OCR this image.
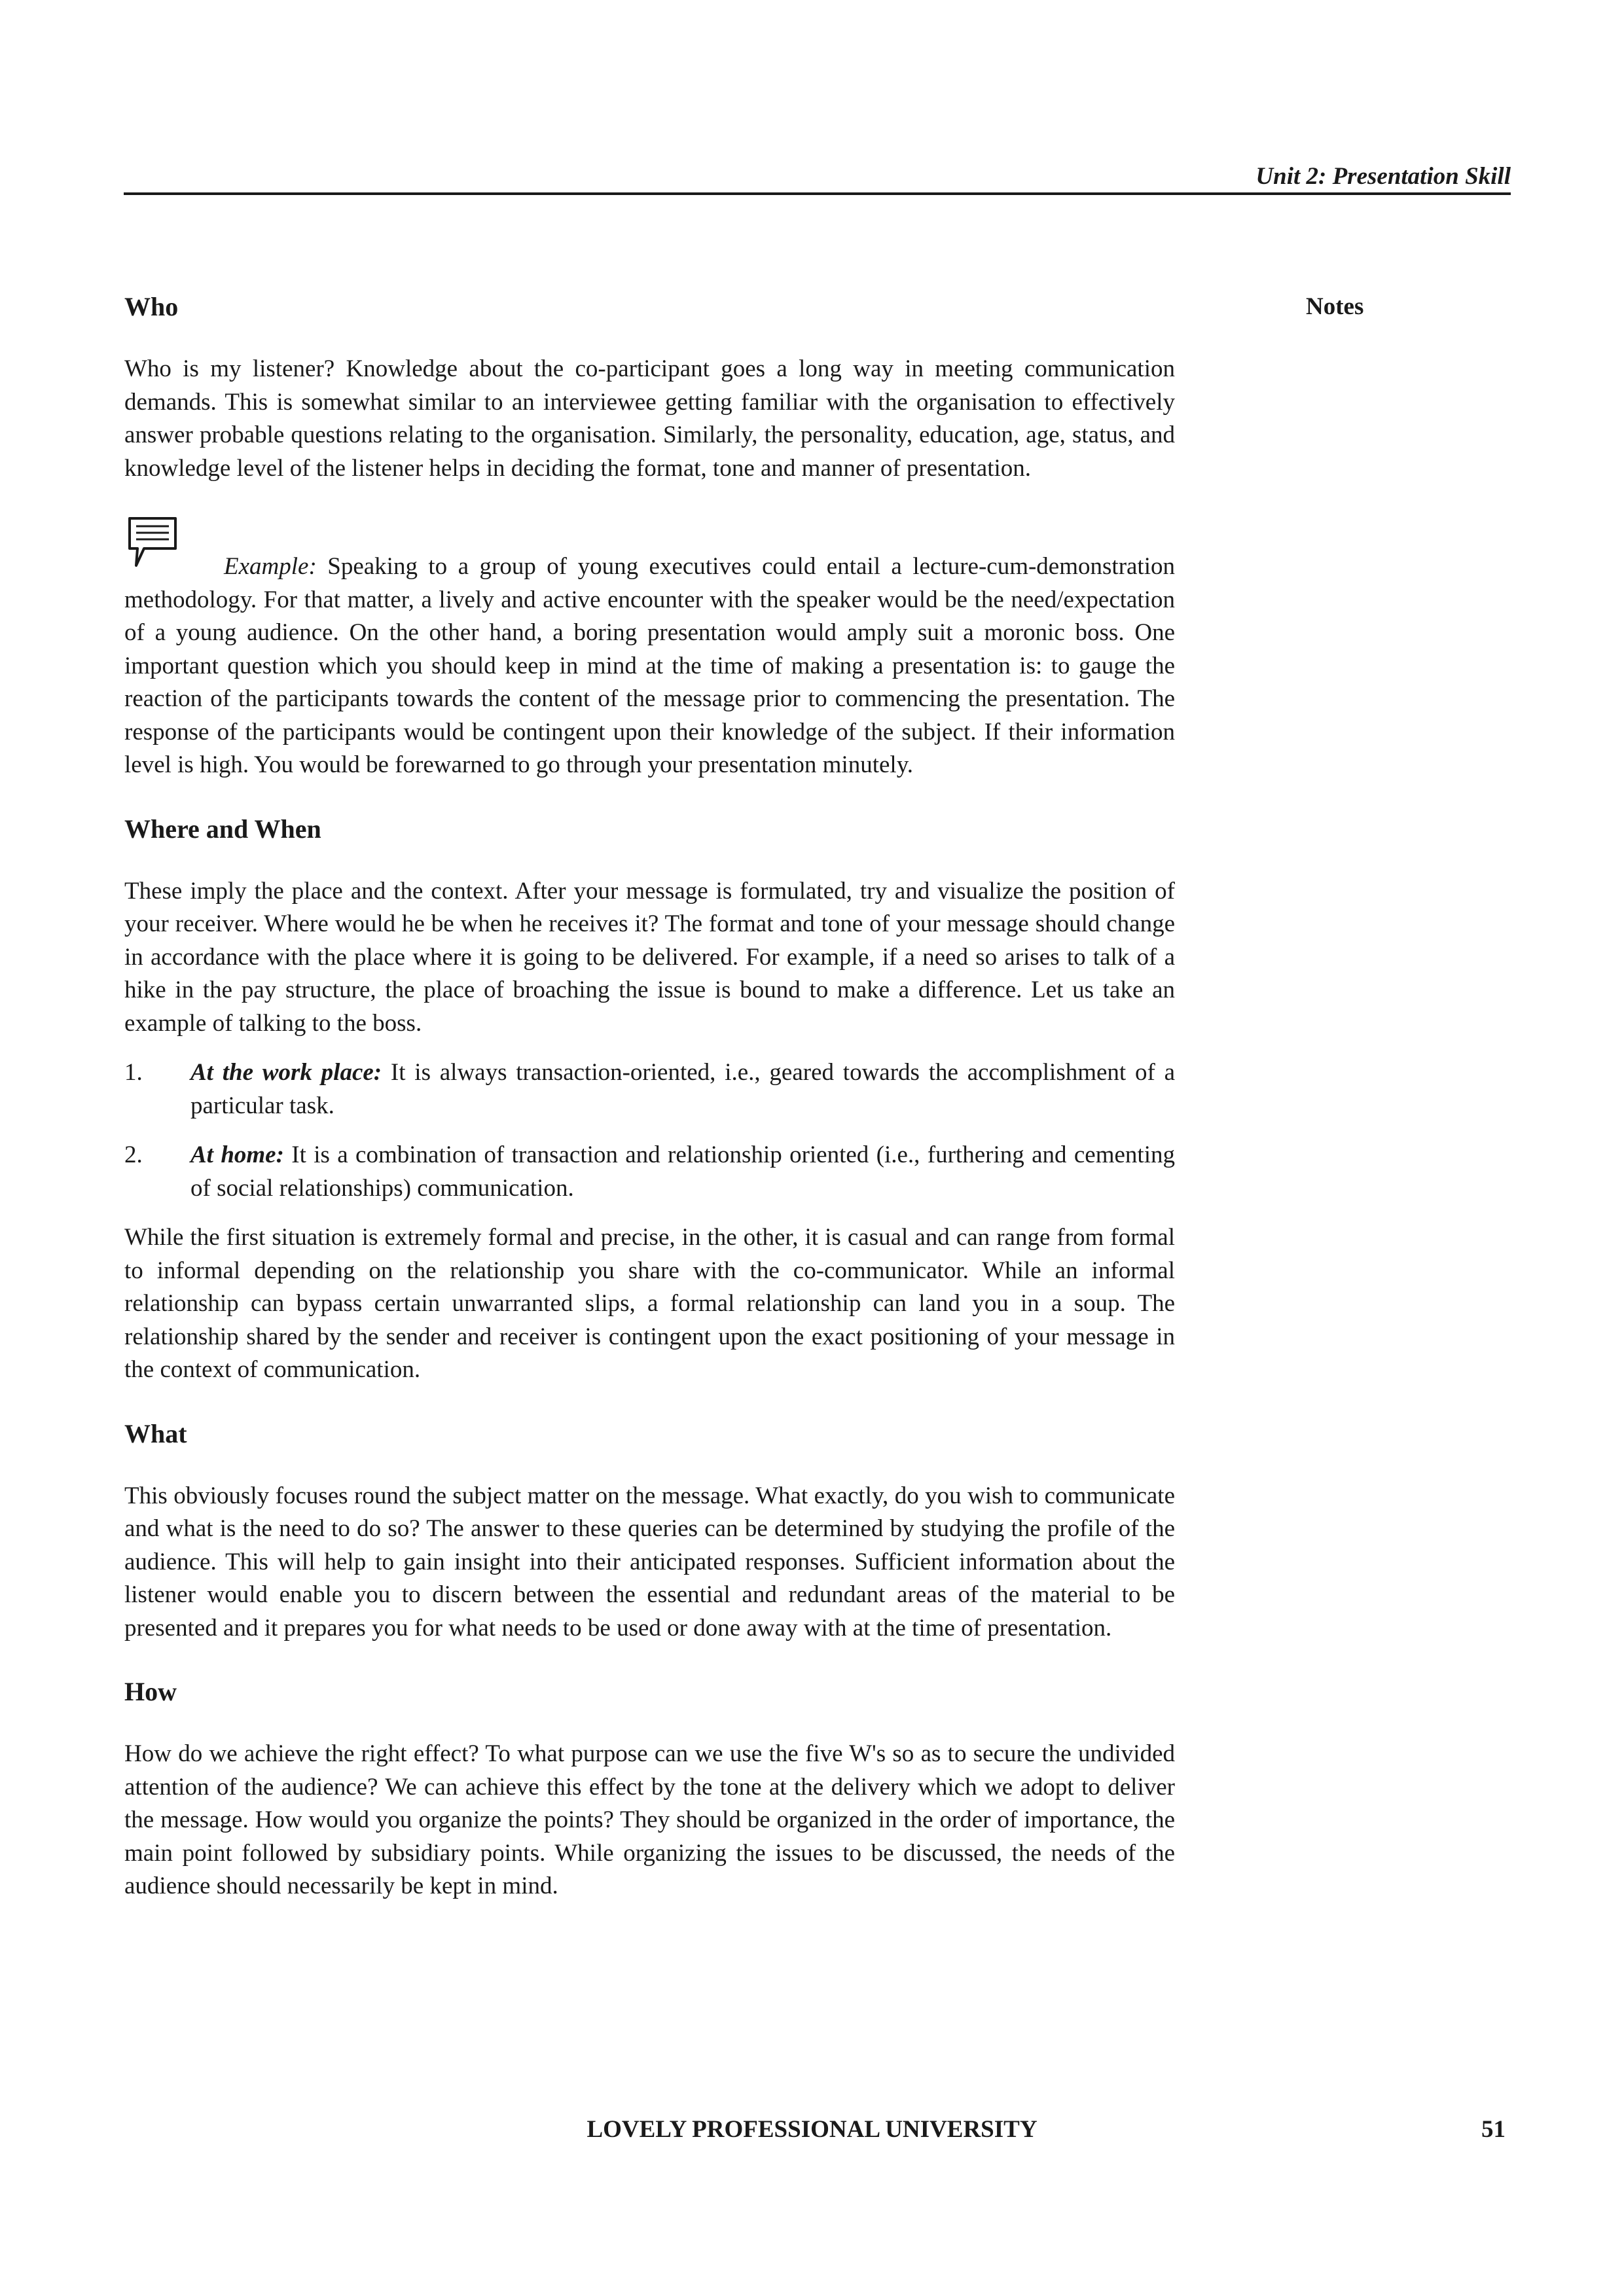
Unit 2: Presentation Skill
Notes
Who

Who is my listener? Knowledge about the co-participant goes a long way in meeting communication demands. This is somewhat similar to an interviewee getting familiar with the organisation to effectively answer probable questions relating to the organisation. Similarly, the personality, education, age, status, and knowledge level of the listener helps in deciding the format, tone and manner of presentation.

Example: Speaking to a group of young executives could entail a lecture-cum-demonstration methodology. For that matter, a lively and active encounter with the speaker would be the need/expectation of a young audience. On the other hand, a boring presentation would amply suit a moronic boss. One important question which you should keep in mind at the time of making a presentation is: to gauge the reaction of the participants towards the content of the message prior to commencing the presentation. The response of the participants would be contingent upon their knowledge of the subject. If their information level is high. You would be forewarned to go through your presentation minutely.

Where and When

These imply the place and the context. After your message is formulated, try and visualize the position of your receiver. Where would he be when he receives it? The format and tone of your message should change in accordance with the place where it is going to be delivered. For example, if a need so arises to talk of a hike in the pay structure, the place of broaching the issue is bound to make a difference. Let us take an example of talking to the boss.

1. At the work place: It is always transaction-oriented, i.e., geared towards the accomplishment of a particular task.
2. At home: It is a combination of transaction and relationship oriented (i.e., furthering and cementing of social relationships) communication.

While the first situation is extremely formal and precise, in the other, it is casual and can range from formal to informal depending on the relationship you share with the co-communicator. While an informal relationship can bypass certain unwarranted slips, a formal relationship can land you in a soup. The relationship shared by the sender and receiver is contingent upon the exact positioning of your message in the context of communication.

What

This obviously focuses round the subject matter on the message. What exactly, do you wish to communicate and what is the need to do so? The answer to these queries can be determined by studying the profile of the audience. This will help to gain insight into their anticipated responses. Sufficient information about the listener would enable you to discern between the essential and redundant areas of the material to be presented and it prepares you for what needs to be used or done away with at the time of presentation.

How

How do we achieve the right effect? To what purpose can we use the five W's so as to secure the undivided attention of the audience? We can achieve this effect by the tone at the delivery which we adopt to deliver the message. How would you organize the points? They should be organized in the order of importance, the main point followed by subsidiary points. While organizing the issues to be discussed, the needs of the audience should necessarily be kept in mind.

LOVELY PROFESSIONAL UNIVERSITY	51
